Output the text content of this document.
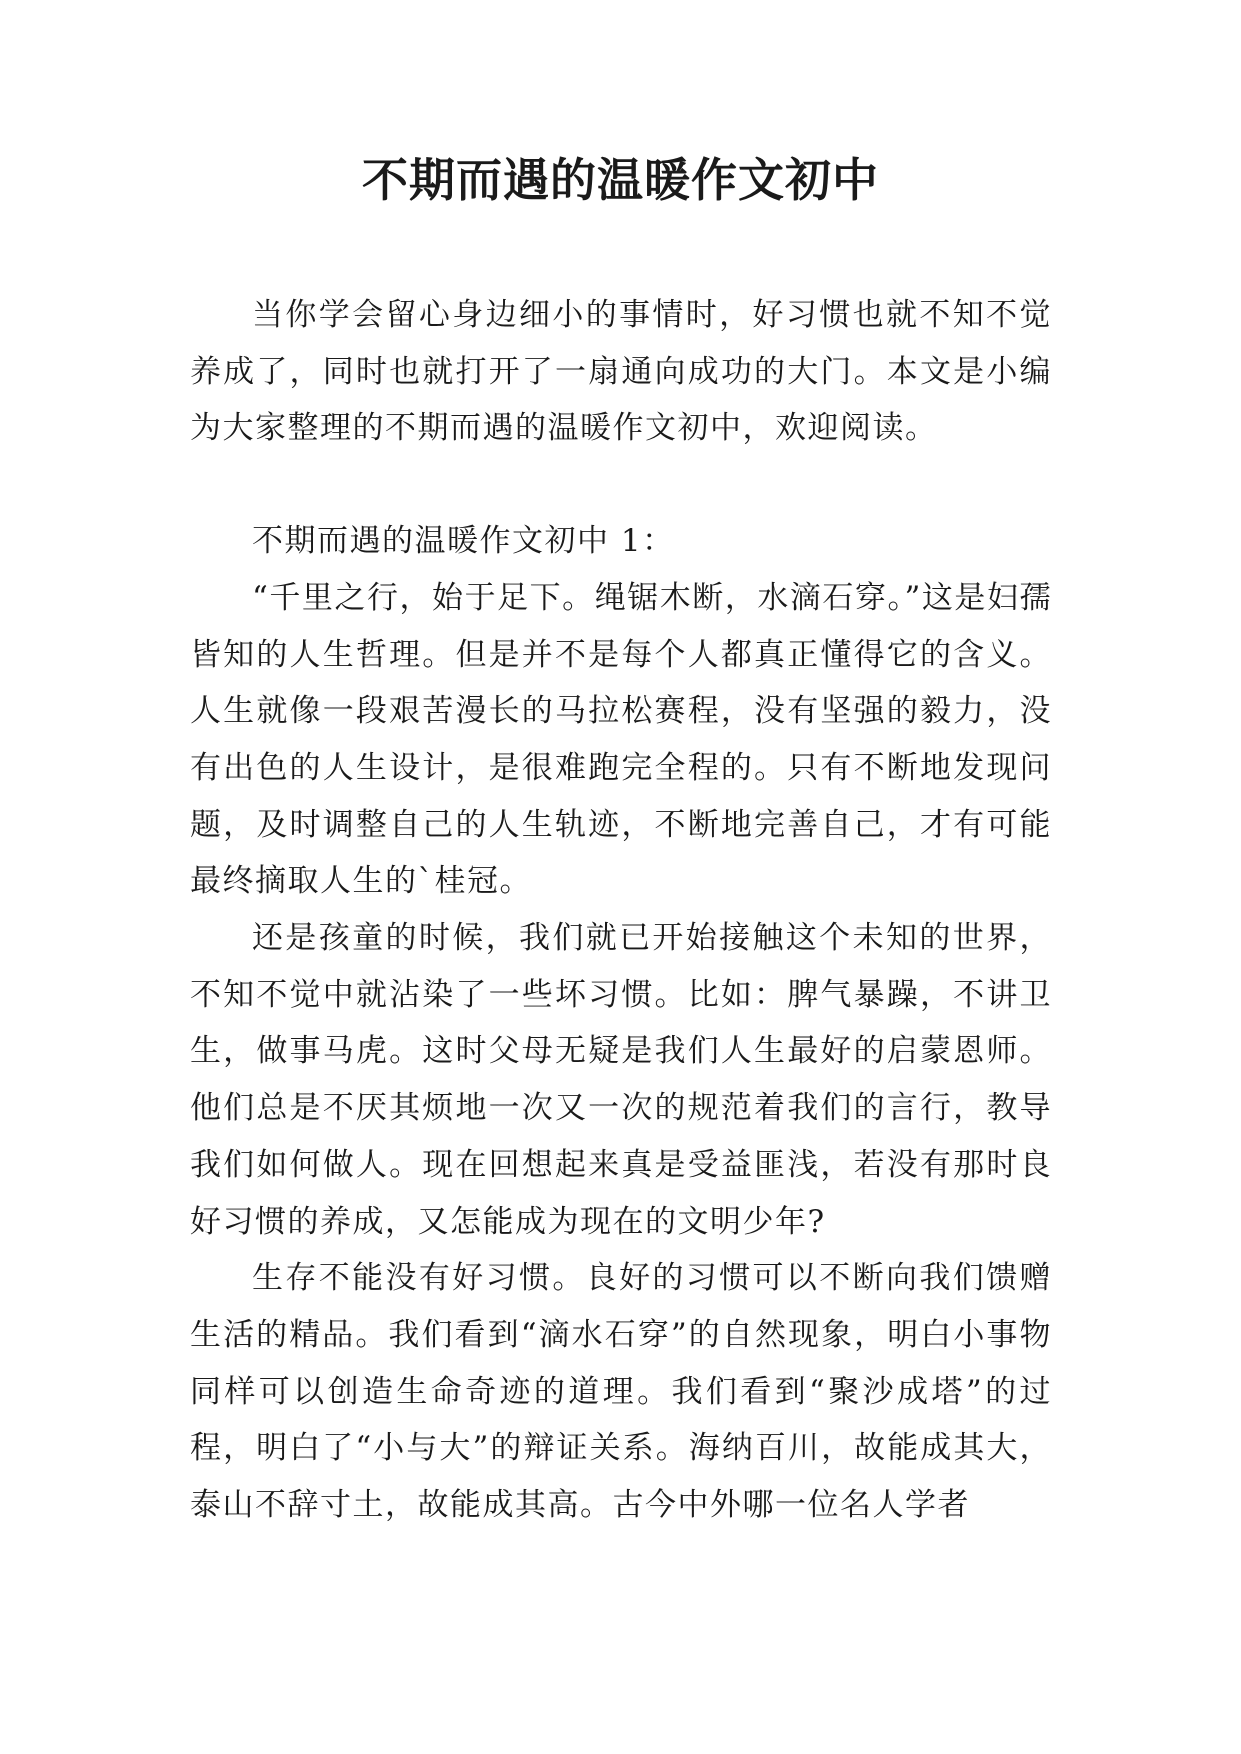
不期而遇的温暖作文初中

当你学会留心身边细小的事情时，好习惯也就不知不觉养成了，同时也就打开了一扇通向成功的大门。本文是小编为大家整理的不期而遇的温暖作文初中，欢迎阅读。

不期而遇的温暖作文初中 1：

“千里之行，始于足下。绳锯木断，水滴石穿。”这是妇孺皆知的人生哲理。但是并不是每个人都真正懂得它的含义。人生就像一段艰苦漫长的马拉松赛程，没有坚强的毅力，没有出色的人生设计，是很难跑完全程的。只有不断地发现问题，及时调整自己的人生轨迹，不断地完善自己，才有可能最终摘取人生的`桂冠。

还是孩童的时候，我们就已开始接触这个未知的世界，不知不觉中就沾染了一些坏习惯。比如：脾气暴躁，不讲卫生，做事马虎。这时父母无疑是我们人生最好的启蒙恩师。他们总是不厌其烦地一次又一次的规范着我们的言行，教导我们如何做人。现在回想起来真是受益匪浅，若没有那时良好习惯的养成，又怎能成为现在的文明少年?

生存不能没有好习惯。良好的习惯可以不断向我们馈赠生活的精品。我们看到“滴水石穿”的自然现象，明白小事物同样可以创造生命奇迹的道理。我们看到“聚沙成塔”的过程，明白了“小与大”的辩证关系。海纳百川，故能成其大，泰山不辞寸土，故能成其高。古今中外哪一位名人学者
